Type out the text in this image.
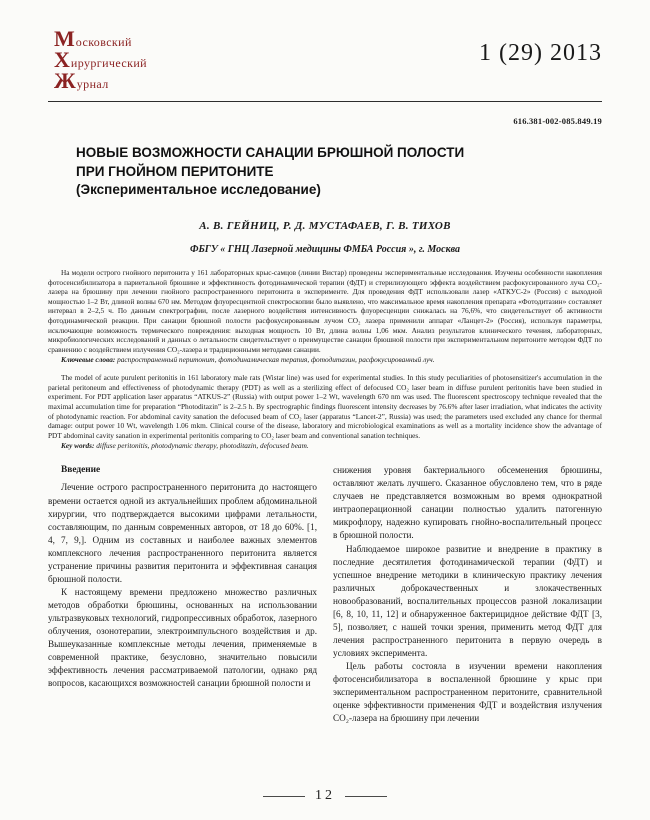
Московский
Хирургический
Журнал
1 (29) 2013
616.381-002-085.849.19
НОВЫЕ ВОЗМОЖНОСТИ САНАЦИИ БРЮШНОЙ ПОЛОСТИ
ПРИ ГНОЙНОМ ПЕРИТОНИТЕ
(Экспериментальное исследование)
А. В. ГЕЙНИЦ, Р. Д. МУСТАФАЕВ, Г. В. ТИХОВ
ФБГУ « ГНЦ Лазерной медицины ФМБА Россия », г. Москва

На модели острого гнойного перитонита у 161 лабораторных крыс-самцов (линии Вистар) проведены экспериментальные исследования. Изучены особенности накопления фотосенсибилизатора в париетальной брюшине и эффективность фотодинамической терапии (ФДТ) и стерилизующего эффекта воздействием расфокусированного луча СО₂-лазера на брюшину при лечении гнойного распространенного перитонита в эксперименте. Для проведения ФДТ использовали лазер «АТКУС-2» (Россия) с выходной мощностью 1–2 Вт, длиной волны 670 нм. Методом флуоресцентной спектроскопии было выявлено, что максимальное время накопления препарата «Фотодитазин» составляет интервал в 2–2,5 ч. По данным спектрографии, после лазерного воздействия интенсивность флуоресценции снижалась на 76,6%, что свидетельствует об активности фотодинамической реакции. При санации брюшной полости расфокусированным лучом СО₂ лазера применили аппарат «Ланцет-2» (Россия), используя параметры, исключающие возможность термического повреждения: выходная мощность 10 Вт, длина волны 1,06 мкм. Анализ результатов клинического течения, лабораторных, микробиологических исследований и данных о летальности свидетельствует о преимуществе санации брюшной полости при экспериментальном перитоните методом ФДТ по сравнению с воздействием излучения СО₂-лазера и традиционными методами санации.

Ключевые слова: распространенный перитонит, фотодинамическая терапия, фотодитазин, расфокусированный луч.

The model of acute purulent peritonitis in 161 laboratory male rats (Wistar line) was used for experimental studies. In this study peculiarities of photosensitizer's accumulation in the parietal peritoneum and effectiveness of photodynamic therapy (PDT) as well as a sterilizing effect of defocused CO₂ laser beam in diffuse purulent peritonitis have been studied in experiment. For PDT application laser apparatus “ATKUS-2” (Russia) with output power 1–2 Wt, wavelength 670 nm was used. The fluorescent spectroscopy technique revealed that the maximal accumulation time for preparation “Photoditazin” is 2–2.5 h. By spectrographic findings fluorescent intensity decreases by 76.6% after laser irradiation, what indicates the activity of photodynamic reaction. For abdominal cavity sanation the defocused beam of CO₂ laser (apparatus “Lancet-2”, Russia) was used; the parameters used excluded any chance for thermal damage: output power 10 Wt, wavelength 1.06 mkm. Clinical course of the disease, laboratory and microbiological examinations as well as a mortality incidence show the advantage of PDT abdominal cavity sanation in experimental peritonitis comparing to CO₂ laser beam and conventional sanation techniques.

Key words: diffuse peritonitis, photodynamic therapy, photoditazin, defocused beam.

Введение

Лечение острого распространенного перитонита до настоящего времени остается одной из актуальнейших проблем абдоминальной хирургии, что подтверждается высокими цифрами летальности, составляющим, по данным современных авторов, от 18 до 60%. [1, 4, 7, 9,]. Одним из составных и наиболее важных элементов комплексного лечения распространенного перитонита является устранение причины развития перитонита и эффективная санация брюшной полости.

К настоящему времени предложено множество различных методов обработки брюшины, основанных на использовании ультразвуковых технологий, гидропрессивных обработок, лазерного облучения, озонотерапии, электроимпульсного воздействия и др. Вышеуказанные комплексные методы лечения, применяемые в современной практике, безусловно, значительно повысили эффективность лечения рассматриваемой патологии, однако ряд вопросов, касающихся возможностей санации брюшной полости и

снижения уровня бактериального обсеменения брюшины, оставляют желать лучшего. Сказанное обусловлено тем, что в ряде случаев не представляется возможным во время однократной интраоперационной санации полностью удалить патогенную микрофлору, надежно купировать гнойно-воспалительный процесс в брюшной полости.

Наблюдаемое широкое развитие и внедрение в практику в последние десятилетия фотодинамической терапии (ФДТ) и успешное внедрение методики в клиническую практику лечения различных доброкачественных и злокачественных новообразований, воспалительных процессов разной локализации [6, 8, 10, 11, 12] и обнаруженное бактерицидное действие ФДТ [3, 5], позволяет, с нашей точки зрения, применить метод ФДТ для лечения распространенного перитонита в первую очередь в условиях эксперимента.

Цель работы состояла в изучении времени накопления фотосенсибилизатора в воспаленной брюшине у крыс при экспериментальном распространенном перитоните, сравнительной оценке эффективности применения ФДТ и воздействия излучения СО₂-лазера на брюшину при лечении

12
